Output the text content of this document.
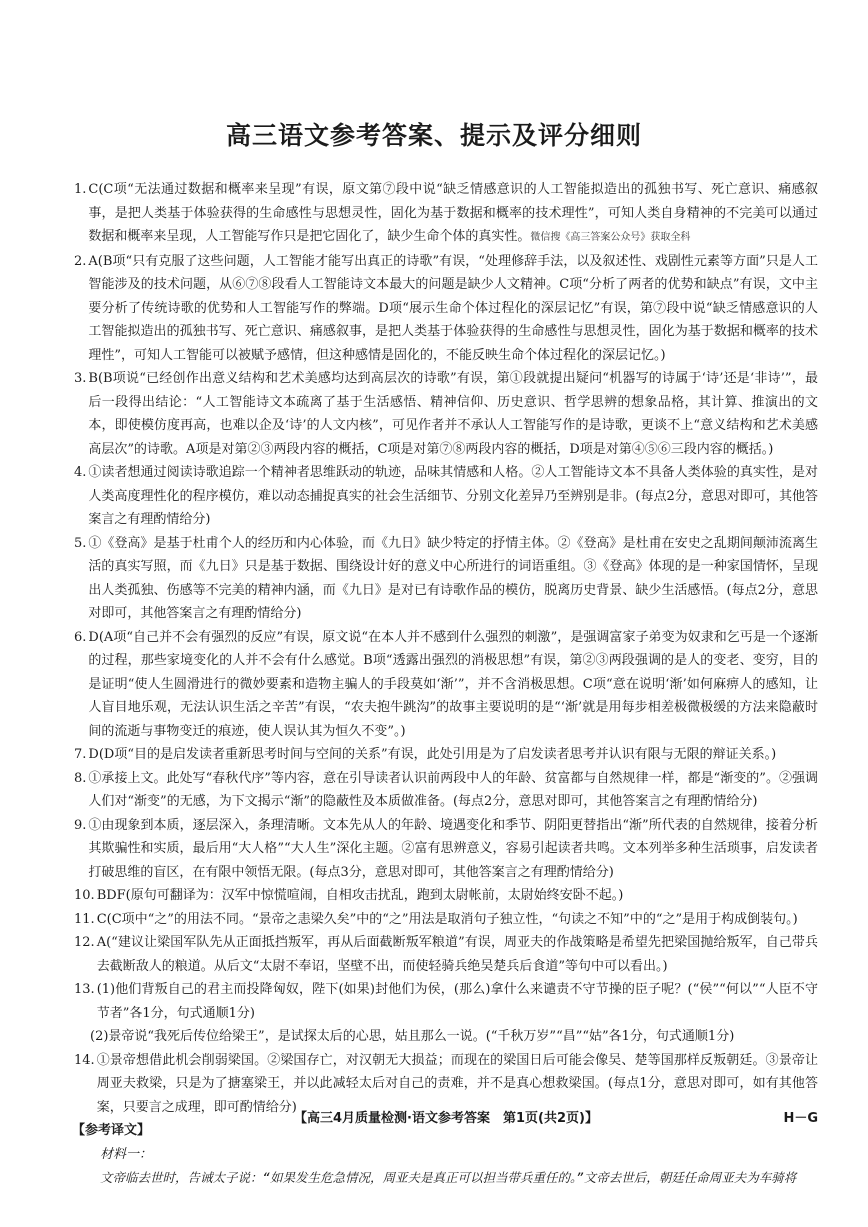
高三语文参考答案、提示及评分细则
1. C(C项“无法通过数据和概率来呈现”有误，原文第⑦段中说“缺乏情感意识的人工智能拟造出的孤独书写、死亡意识、痛感叙事，是把人类基于体验获得的生命感性与思想灵性，固化为基于数据和概率的技术理性”，可知人类自身精神的不完美可以通过数据和概率来呈现，人工智能写作只是把它固化了，缺少生命个体的真实性。微信搜《高三答案公众号》获取全科
2. A(B项“只有克服了这些问题，人工智能才能写出真正的诗歌”有误，“处理修辞手法，以及叙述性、戏剧性元素等方面”只是人工智能涉及的技术问题，从⑥⑦⑧段看人工智能诗文本最大的问题是缺少人文精神。C项“分析了两者的优势和缺点”有误，文中主要分析了传统诗歌的优势和人工智能写作的弊端。D项“展示生命个体过程化的深层记忆”有误，第⑦段中说“缺乏情感意识的人工智能拟造出的孤独书写、死亡意识、痛感叙事，是把人类基于体验获得的生命感性与思想灵性，固化为基于数据和概率的技术理性”，可知人工智能可以被赋予感情，但这种感情是固化的，不能反映生命个体过程化的深层记忆。)
3. B(B项说“已经创作出意义结构和艺术美感均达到高层次的诗歌”有误，第①段就提出疑问“机器写的诗属于‘诗’还是‘非诗’”，最后一段得出结论：“人工智能诗文本疏离了基于生活感悟、精神信仰、历史意识、哲学思辨的想象品格，其计算、推演出的文本，即使模仿度再高，也难以企及‘诗’的人文内核”，可见作者并不承认人工智能写作的是诗歌，更谈不上“意义结构和艺术美感高层次”的诗歌。A项是对第②③两段内容的概括，C项是对第⑦⑧两段内容的概括，D项是对第④⑤⑥三段内容的概括。)
4. ①读者想通过阅读诗歌追踪一个精神者思维跃动的轨迹，品味其情感和人格。②人工智能诗文本不具备人类体验的真实性，是对人类高度理性化的程序模仿，难以动态捕捉真实的社会生活细节、分别文化差异乃至辨别是非。(每点2分，意思对即可，其他答案言之有理酌情给分)
5. ①《登高》是基于杜甫个人的经历和内心体验，而《九日》缺少特定的抒情主体。②《登高》是杜甫在安史之乱期间颠沛流离生活的真实写照，而《九日》只是基于数据、围绕设计好的意义中心所进行的词语重组。③《登高》体现的是一种家国情怀，呈现出人类孤独、伤感等不完美的精神内涵，而《九日》是对已有诗歌作品的模仿，脱离历史背景、缺少生活感悟。(每点2分，意思对即可，其他答案言之有理酌情给分)
6. D(A项“自己并不会有强烈的反应”有误，原文说“在本人并不感到什么强烈的刺激”，是强调富家子弟变为奴隶和乞丐是一个逐渐的过程，那些家境变化的人并不会有什么感觉。B项“透露出强烈的消极思想”有误，第②③两段强调的是人的变老、变穷，目的是证明“使人生圆滑进行的微妙要素和造物主骗人的手段莫如‘渐’”，并不含消极思想。C项“意在说明‘渐’如何麻痹人的感知，让人盲目地乐观，无法认识生活之辛苦”有误，“农夫抱牛跳沟”的故事主要说明的是“‘渐’就是用每步相差极微极缓的方法来隐蔽时间的流逝与事物变迁的痕迹，使人误认其为恒久不变”。)
7. D(D项“目的是启发读者重新思考时间与空间的关系”有误，此处引用是为了启发读者思考并认识有限与无限的辩证关系。)
8. ①承接上文。此处写“春秋代序”等内容，意在引导读者认识前两段中人的年龄、贫富都与自然规律一样，都是“渐变的”。②强调人们对“渐变”的无感，为下文揭示“渐”的隐蔽性及本质做准备。(每点2分，意思对即可，其他答案言之有理酌情给分)
9. ①由现象到本质，逐层深入，条理清晰。文本先从人的年龄、境遇变化和季节、阴阳更替指出“渐”所代表的自然规律，接着分析其欺骗性和实质，最后用“大人格”“大人生”深化主题。②富有思辨意义，容易引起读者共鸣。文本列举多种生活琐事，启发读者打破思维的盲区，在有限中领悟无限。(每点3分，意思对即可，其他答案言之有理酌情给分)
10. BDF(原句可翻译为：汉军中惊慌喧闹，自相攻击扰乱，跑到太尉帐前，太尉始终安卧不起。)
11. C(C项中“之”的用法不同。“景帝之恚梁久矣”中的“之”用法是取消句子独立性，“句读之不知”中的“之”是用于构成倒装句。)
12. A(“建议让梁国军队先从正面抵挡叛军，再从后面截断叛军粮道”有误，周亚夫的作战策略是希望先把梁国抛给叛军，自己带兵去截断敌人的粮道。从后文“太尉不奉诏，坚壁不出，而使轻骑兵绝吴楚兵后食道”等句中可以看出。)
13. (1)他们背叛自己的君主而投降匈奴，陛下(如果)封他们为侯，(那么)拿什么来谴责不守节操的臣子呢？(“侯”“何以”“人臣不守节者”各1分，句式通顺1分)
(2)景帝说“我死后传位给梁王”，是试探太后的心思，姑且那么一说。(“千秋万岁”“昌”“姑”各1分，句式通顺1分)
14. ①景帝想借此机会削弱梁国。②梁国存亡，对汉朝无大损益；而现在的梁国日后可能会像吴、楚等国那样反叛朝廷。③景帝让周亚夫救梁，只是为了搪塞梁王，并以此减轻太后对自己的责难，并不是真心想救梁国。(每点1分，意思对即可，如有其他答案，只要言之成理，即可酌情给分)
【参考译文】
材料一：
文帝临去世时，告诫太子说：“如果发生危急情况，周亚夫是真正可以担当带兵重任的。”文帝去世后，朝廷任命周亚夫为车骑将
【高三4月质量检测·语文参考答案　第1页(共2页)】	H－G
